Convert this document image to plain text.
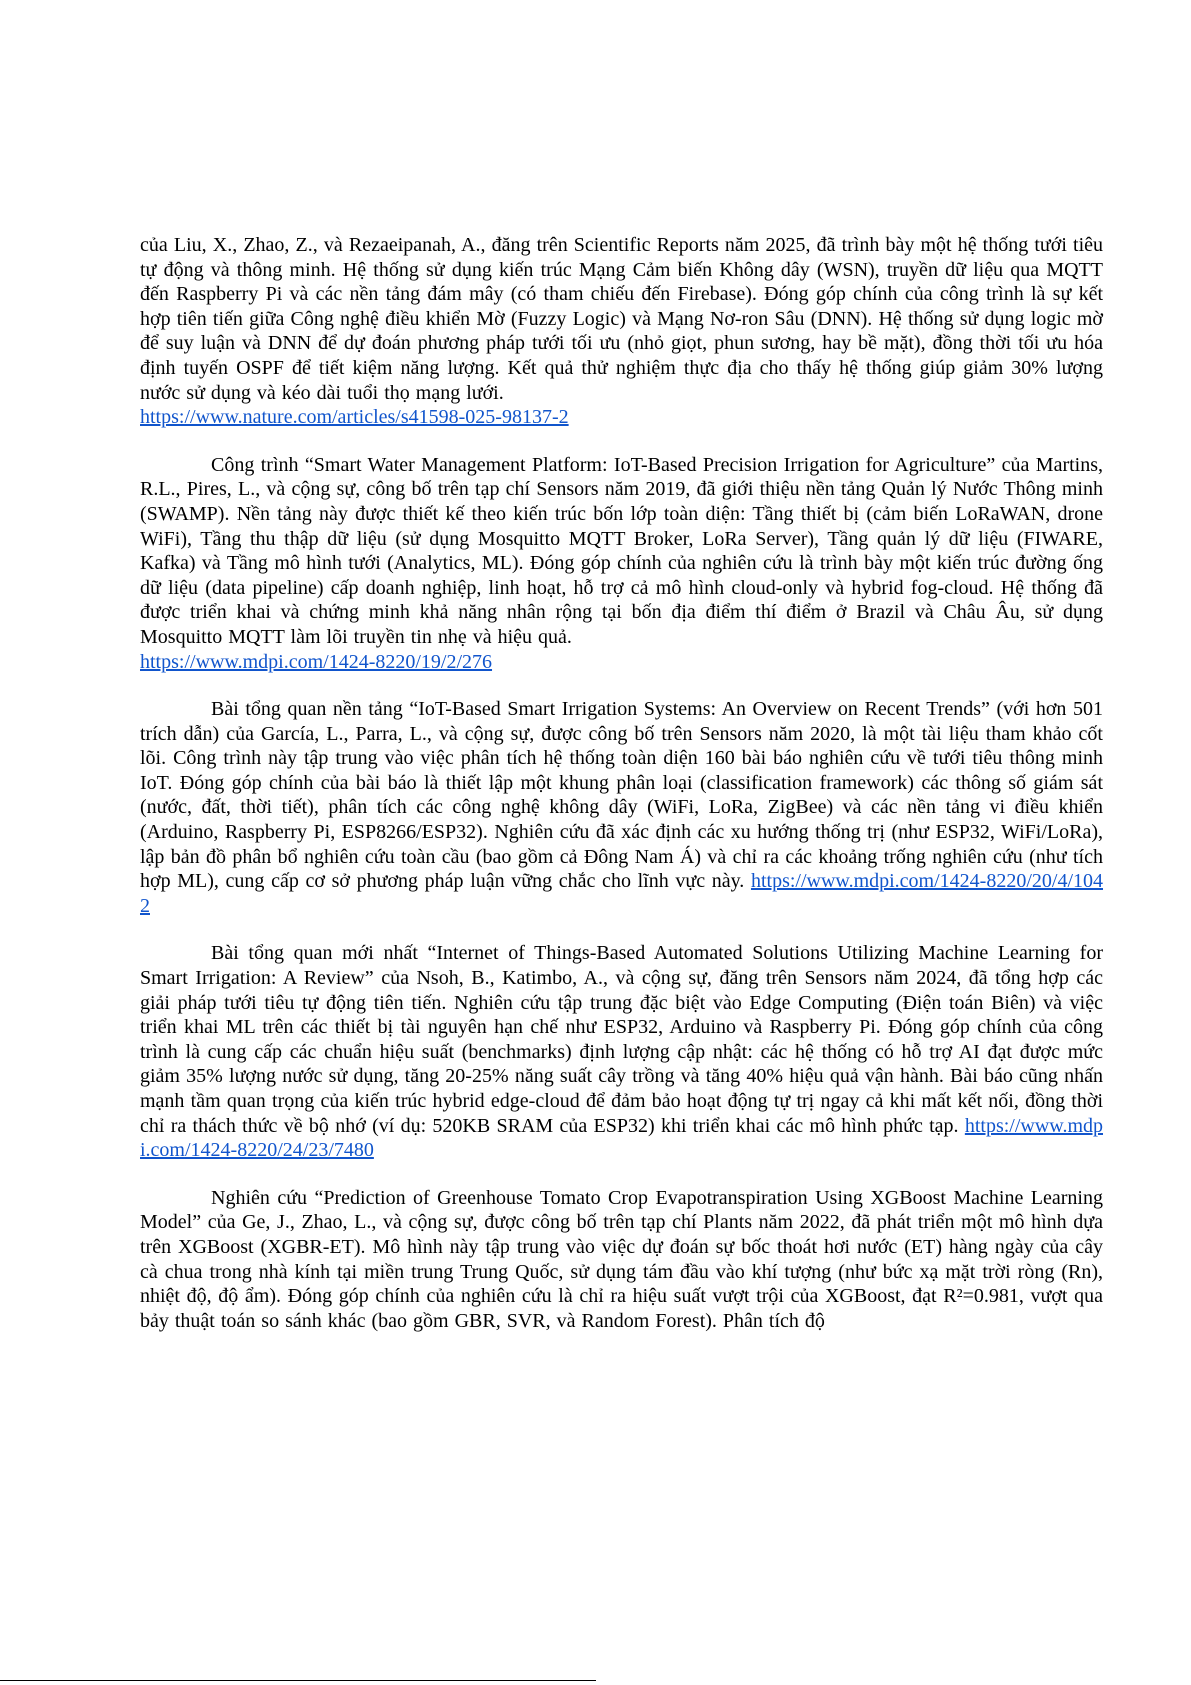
của Liu, X., Zhao, Z., và Rezaeipanah, A., đăng trên Scientific Reports năm 2025, đã trình bày một hệ thống tưới tiêu tự động và thông minh. Hệ thống sử dụng kiến trúc Mạng Cảm biến Không dây (WSN), truyền dữ liệu qua MQTT đến Raspberry Pi và các nền tảng đám mây (có tham chiếu đến Firebase). Đóng góp chính của công trình là sự kết hợp tiên tiến giữa Công nghệ điều khiển Mờ (Fuzzy Logic) và Mạng Nơ-ron Sâu (DNN). Hệ thống sử dụng logic mờ để suy luận và DNN để dự đoán phương pháp tưới tối ưu (nhỏ giọt, phun sương, hay bề mặt), đồng thời tối ưu hóa định tuyến OSPF để tiết kiệm năng lượng. Kết quả thử nghiệm thực địa cho thấy hệ thống giúp giảm 30% lượng nước sử dụng và kéo dài tuổi thọ mạng lưới.
https://www.nature.com/articles/s41598-025-98137-2

Công trình “Smart Water Management Platform: IoT-Based Precision Irrigation for Agriculture” của Martins, R.L., Pires, L., và cộng sự, công bố trên tạp chí Sensors năm 2019, đã giới thiệu nền tảng Quản lý Nước Thông minh (SWAMP). Nền tảng này được thiết kế theo kiến trúc bốn lớp toàn diện: Tầng thiết bị (cảm biến LoRaWAN, drone WiFi), Tầng thu thập dữ liệu (sử dụng Mosquitto MQTT Broker, LoRa Server), Tầng quản lý dữ liệu (FIWARE, Kafka) và Tầng mô hình tưới (Analytics, ML). Đóng góp chính của nghiên cứu là trình bày một kiến trúc đường ống dữ liệu (data pipeline) cấp doanh nghiệp, linh hoạt, hỗ trợ cả mô hình cloud-only và hybrid fog-cloud. Hệ thống đã được triển khai và chứng minh khả năng nhân rộng tại bốn địa điểm thí điểm ở Brazil và Châu Âu, sử dụng Mosquitto MQTT làm lõi truyền tin nhẹ và hiệu quả.
https://www.mdpi.com/1424-8220/19/2/276

Bài tổng quan nền tảng “IoT-Based Smart Irrigation Systems: An Overview on Recent Trends” (với hơn 501 trích dẫn) của García, L., Parra, L., và cộng sự, được công bố trên Sensors năm 2020, là một tài liệu tham khảo cốt lõi. Công trình này tập trung vào việc phân tích hệ thống toàn diện 160 bài báo nghiên cứu về tưới tiêu thông minh IoT. Đóng góp chính của bài báo là thiết lập một khung phân loại (classification framework) các thông số giám sát (nước, đất, thời tiết), phân tích các công nghệ không dây (WiFi, LoRa, ZigBee) và các nền tảng vi điều khiển (Arduino, Raspberry Pi, ESP8266/ESP32). Nghiên cứu đã xác định các xu hướng thống trị (như ESP32, WiFi/LoRa), lập bản đồ phân bổ nghiên cứu toàn cầu (bao gồm cả Đông Nam Á) và chỉ ra các khoảng trống nghiên cứu (như tích hợp ML), cung cấp cơ sở phương pháp luận vững chắc cho lĩnh vực này. https://www.mdpi.com/1424-8220/20/4/1042

Bài tổng quan mới nhất “Internet of Things-Based Automated Solutions Utilizing Machine Learning for Smart Irrigation: A Review” của Nsoh, B., Katimbo, A., và cộng sự, đăng trên Sensors năm 2024, đã tổng hợp các giải pháp tưới tiêu tự động tiên tiến. Nghiên cứu tập trung đặc biệt vào Edge Computing (Điện toán Biên) và việc triển khai ML trên các thiết bị tài nguyên hạn chế như ESP32, Arduino và Raspberry Pi. Đóng góp chính của công trình là cung cấp các chuẩn hiệu suất (benchmarks) định lượng cập nhật: các hệ thống có hỗ trợ AI đạt được mức giảm 35% lượng nước sử dụng, tăng 20-25% năng suất cây trồng và tăng 40% hiệu quả vận hành. Bài báo cũng nhấn mạnh tầm quan trọng của kiến trúc hybrid edge-cloud để đảm bảo hoạt động tự trị ngay cả khi mất kết nối, đồng thời chỉ ra thách thức về bộ nhớ (ví dụ: 520KB SRAM của ESP32) khi triển khai các mô hình phức tạp. https://www.mdpi.com/1424-8220/24/23/7480

Nghiên cứu “Prediction of Greenhouse Tomato Crop Evapotranspiration Using XGBoost Machine Learning Model” của Ge, J., Zhao, L., và cộng sự, được công bố trên tạp chí Plants năm 2022, đã phát triển một mô hình dựa trên XGBoost (XGBR-ET). Mô hình này tập trung vào việc dự đoán sự bốc thoát hơi nước (ET) hàng ngày của cây cà chua trong nhà kính tại miền trung Trung Quốc, sử dụng tám đầu vào khí tượng (như bức xạ mặt trời ròng (Rn), nhiệt độ, độ ẩm). Đóng góp chính của nghiên cứu là chỉ ra hiệu suất vượt trội của XGBoost, đạt R²=0.981, vượt qua bảy thuật toán so sánh khác (bao gồm GBR, SVR, và Random Forest). Phân tích độ
